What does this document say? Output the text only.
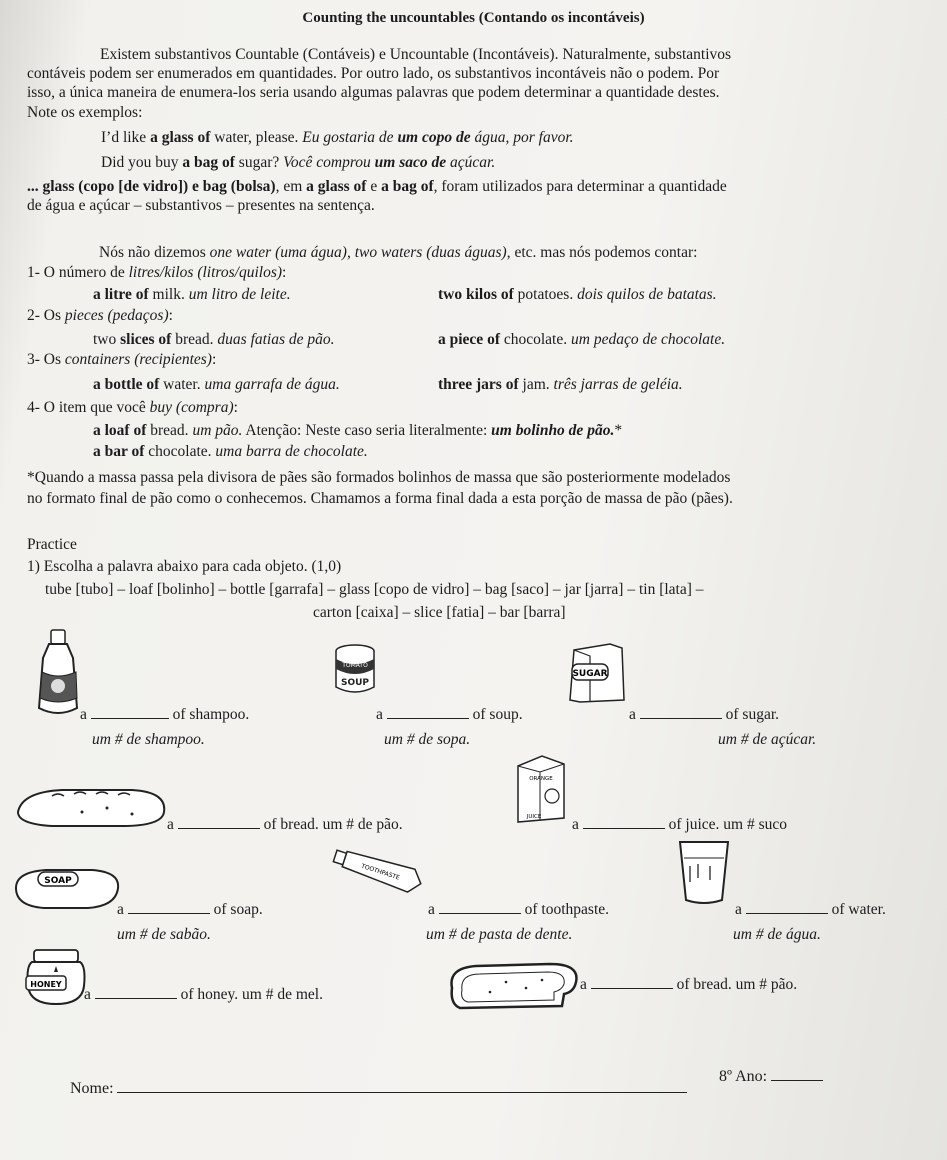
Counting the uncountables (Contando os incontáveis)
Existem substantivos Countable (Contáveis) e Uncountable (Incontáveis). Naturalmente, substantivos
contáveis podem ser enumerados em quantidades. Por outro lado, os substantivos incontáveis não o podem. Por
isso, a única maneira de enumera-los seria usando algumas palavras que podem determinar a quantidade destes.
Note os exemplos:
I’d like a glass of water, please. Eu gostaria de um copo de água, por favor.
Did you buy a bag of sugar? Você comprou um saco de açúcar.
... glass (copo [de vidro]) e bag (bolsa), em a glass of e a bag of, foram utilizados para determinar a quantidade
de água e açúcar – substantivos – presentes na sentença.
Nós não dizemos one water (uma água), two waters (duas águas), etc. mas nós podemos contar:
1- O número de litres/kilos (litros/quilos):
a litre of milk. um litro de leite.	two kilos of potatoes. dois quilos de batatas.
2- Os pieces (pedaços):
two slices of bread. duas fatias de pão.	a piece of chocolate. um pedaço de chocolate.
3- Os containers (recipientes):
a bottle of water. uma garrafa de água.	three jars of jam. três jarras de geléia.
4- O item que você buy (compra):
a loaf of bread. um pão. Atenção: Neste caso seria literalmente: um bolinho de pão.*
a bar of chocolate. uma barra de chocolate.
*Quando a massa passa pela divisora de pães são formados bolinhos de massa que são posteriormente modelados
no formato final de pão como o conhecemos. Chamamos a forma final dada a esta porção de massa de pão (pães).
Practice
1) Escolha a palavra abaixo para cada objeto. (1,0)
tube [tubo] – loaf [bolinho] – bottle [garrafa] – glass [copo de vidro] – bag [saco] – jar [jarra] – tin [lata] –
carton [caixa] – slice [fatia] – bar [barra]
a	of shampoo.
um # de shampoo.
TOMATO
SOUP
a	of soup.
um # de sopa.
SUGAR
a	of sugar.
um # de açúcar.
a	of bread. um # de pão.
ORANGE
JUICE a	of juice. um # suco
SOAP
a	of soap.
um # de sabão.
TOOTHPASTE
a	of toothpaste.
um # de pasta de dente.
a	of water.
um # de água.
HONEY
a	of honey. um # de mel.
a	of bread. um # pão.
Nome:
8º Ano:
